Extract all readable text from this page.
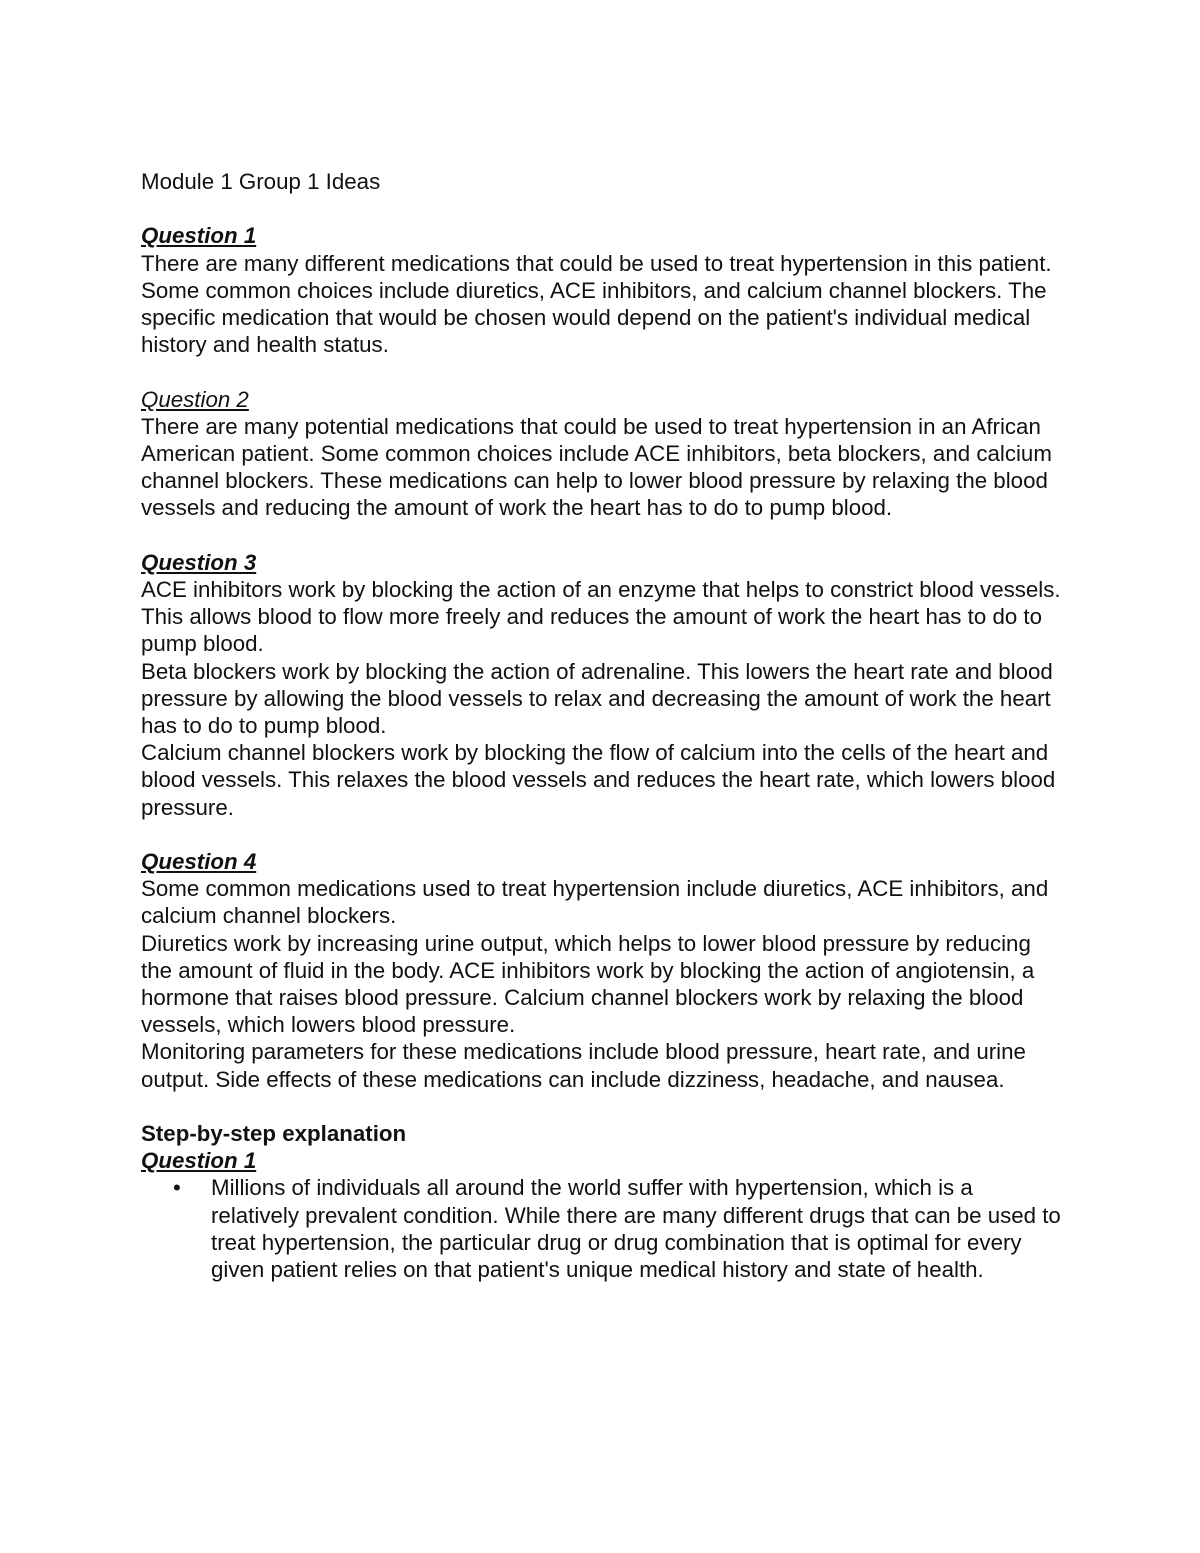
Module 1 Group 1 Ideas

Question 1

There are many different medications that could be used to treat hypertension in this patient. Some common choices include diuretics, ACE inhibitors, and calcium channel blockers. The specific medication that would be chosen would depend on the patient's individual medical history and health status.

Question 2

There are many potential medications that could be used to treat hypertension in an African American patient. Some common choices include ACE inhibitors, beta blockers, and calcium channel blockers. These medications can help to lower blood pressure by relaxing the blood vessels and reducing the amount of work the heart has to do to pump blood.

Question 3

ACE inhibitors work by blocking the action of an enzyme that helps to constrict blood vessels. This allows blood to flow more freely and reduces the amount of work the heart has to do to pump blood.

Beta blockers work by blocking the action of adrenaline. This lowers the heart rate and blood pressure by allowing the blood vessels to relax and decreasing the amount of work the heart has to do to pump blood.

Calcium channel blockers work by blocking the flow of calcium into the cells of the heart and blood vessels. This relaxes the blood vessels and reduces the heart rate, which lowers blood pressure.

Question 4

Some common medications used to treat hypertension include diuretics, ACE inhibitors, and calcium channel blockers.

Diuretics work by increasing urine output, which helps to lower blood pressure by reducing the amount of fluid in the body. ACE inhibitors work by blocking the action of angiotensin, a hormone that raises blood pressure. Calcium channel blockers work by relaxing the blood vessels, which lowers blood pressure.

Monitoring parameters for these medications include blood pressure, heart rate, and urine output. Side effects of these medications can include dizziness, headache, and nausea.

Step-by-step explanation

Question 1

• Millions of individuals all around the world suffer with hypertension, which is a relatively prevalent condition. While there are many different drugs that can be used to treat hypertension, the particular drug or drug combination that is optimal for every given patient relies on that patient's unique medical history and state of health.
